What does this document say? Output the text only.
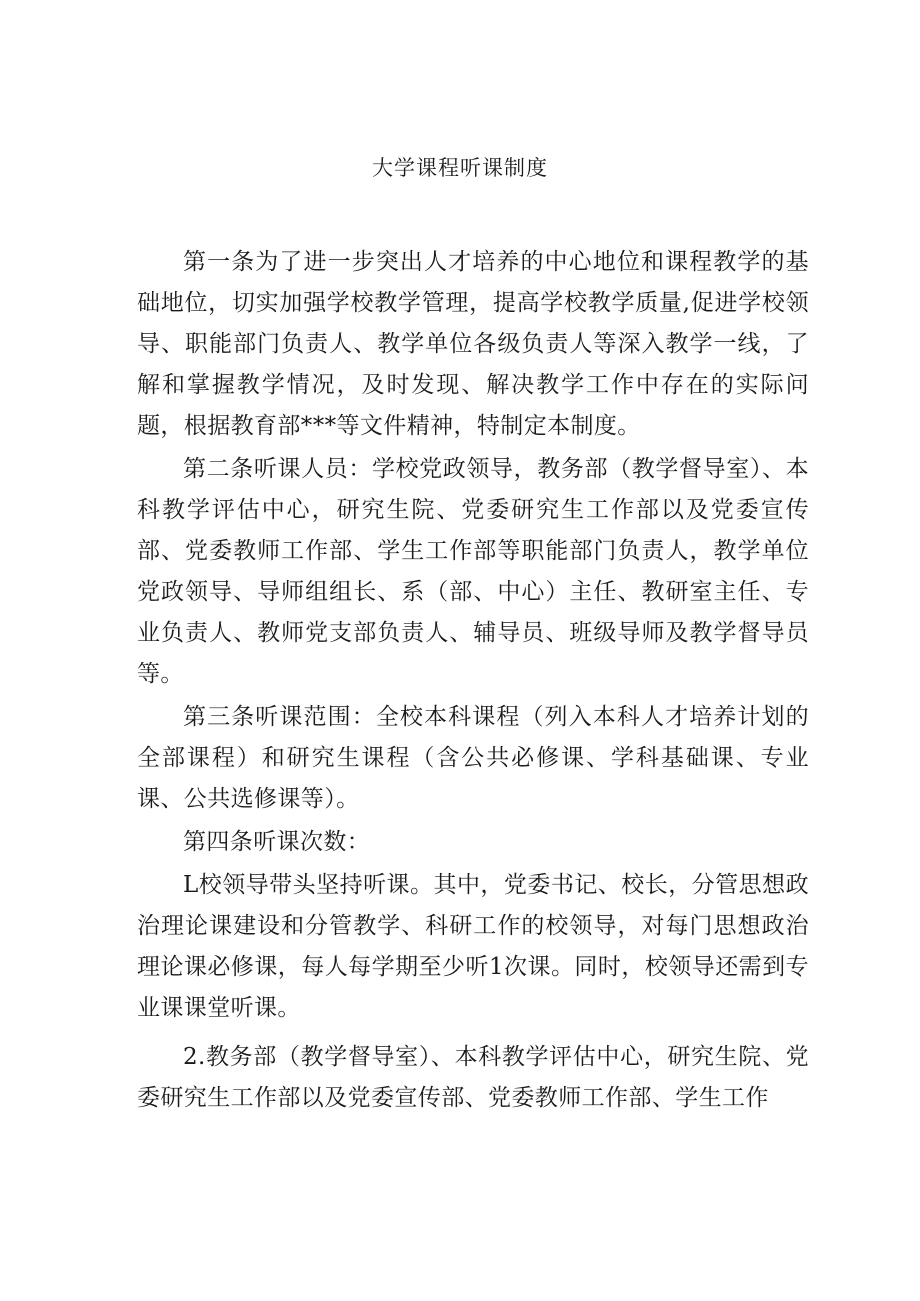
大学课程听课制度

第一条为了进一步突出人才培养的中心地位和课程教学的基础地位，切实加强学校教学管理，提高学校教学质量,促进学校领导、职能部门负责人、教学单位各级负责人等深入教学一线，了解和掌握教学情况，及时发现、解决教学工作中存在的实际问题，根据教育部***等文件精神，特制定本制度。

第二条听课人员：学校党政领导，教务部（教学督导室）、本科教学评估中心，研究生院、党委研究生工作部以及党委宣传部、党委教师工作部、学生工作部等职能部门负责人，教学单位党政领导、导师组组长、系（部、中心）主任、教研室主任、专业负责人、教师党支部负责人、辅导员、班级导师及教学督导员等。

第三条听课范围：全校本科课程（列入本科人才培养计划的全部课程）和研究生课程（含公共必修课、学科基础课、专业课、公共选修课等）。

第四条听课次数：

L校领导带头坚持听课。其中，党委书记、校长，分管思想政治理论课建设和分管教学、科研工作的校领导，对每门思想政治理论课必修课，每人每学期至少听1次课。同时，校领导还需到专业课课堂听课。

2.教务部（教学督导室）、本科教学评估中心，研究生院、党委研究生工作部以及党委宣传部、党委教师工作部、学生工作
